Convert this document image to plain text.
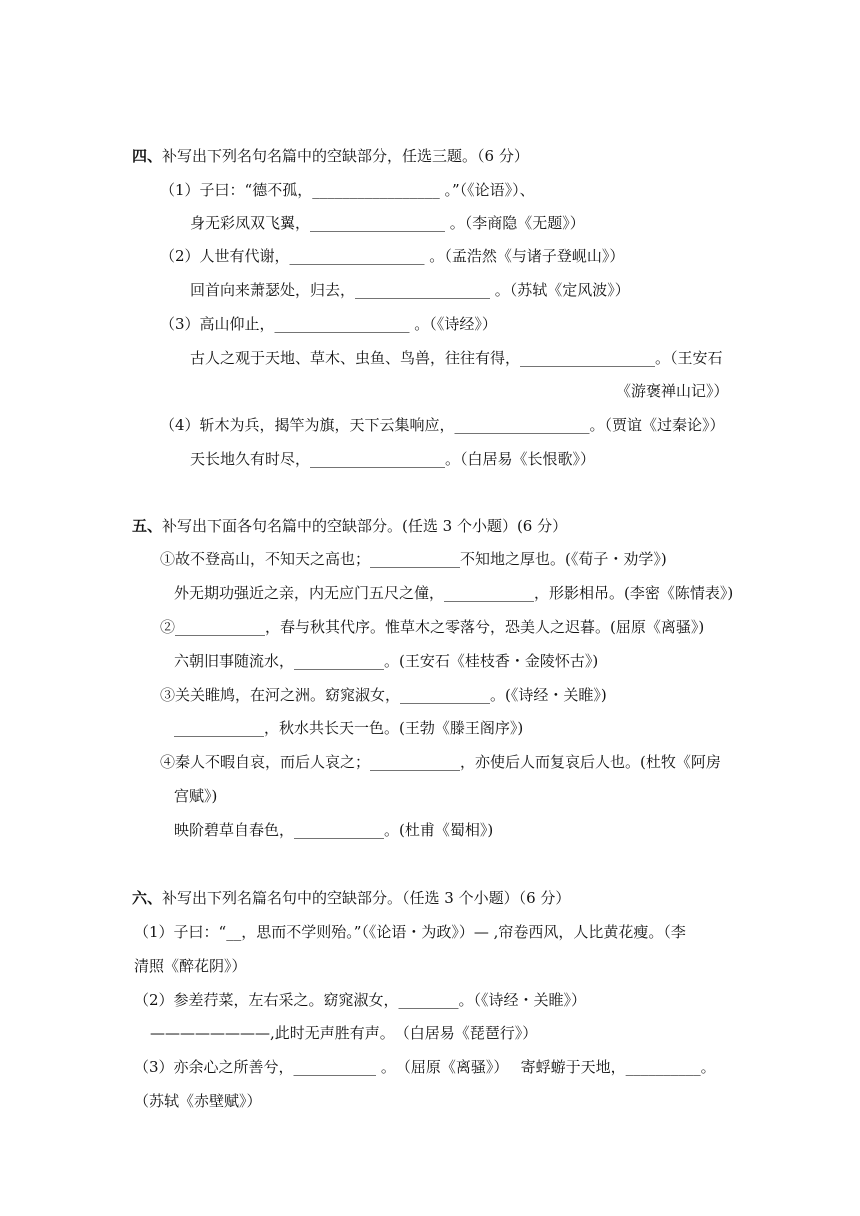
四、补写出下列名句名篇中的空缺部分，任选三题。（6 分）
（1）子曰：“德不孤，_________________ 。”（《论语》）、
身无彩凤双飞翼，__________________ 。（李商隐《无题》）
（2）人世有代谢，__________________ 。（孟浩然《与诸子登岘山》）
回首向来萧瑟处，归去，__________________ 。（苏轼《定风波》）
（3）高山仰止，__________________ 。（《诗经》）
古人之观于天地、草木、虫鱼、鸟兽，往往有得，__________________。（王安石
《游褒禅山记》）
（4）斩木为兵，揭竿为旗，天下云集响应，__________________。（贾谊《过秦论》）
天长地久有时尽，__________________。（白居易《长恨歌》）
五、补写出下面各句名篇中的空缺部分。(任选 3 个小题）(6 分）
①故不登高山，不知天之高也；____________不知地之厚也。(《荀子・劝学》)
外无期功强近之亲，内无应门五尺之僮，____________，形影相吊。(李密《陈情表》)
②____________，春与秋其代序。惟草木之零落兮，恐美人之迟暮。(屈原《离骚》)
六朝旧事随流水，____________。(王安石《桂枝香・金陵怀古》)
③关关睢鸠，在河之洲。窈窕淑女，____________。(《诗经・关睢》)
____________，秋水共长天一色。(王勃《滕王阁序》)
④秦人不暇自哀，而后人哀之；____________，亦使后人而复哀后人也。(杜牧《阿房
宫赋》)
映阶碧草自春色，____________。(杜甫《蜀相》)
六、补写出下列名篇名句中的空缺部分。（任选 3 个小题）（6 分）
（1）子曰：“__，思而不学则殆。”（《论语・为政》）— ,帘卷西风，人比黄花瘦。（李
清照《醉花阴》）
（2）参差荇菜，左右采之。窈窕淑女，________。（《诗经・关睢》）
————————,此时无声胜有声。　（白居易《琵琶行》）
（3）亦余心之所善兮，___________ 。　（屈原《离骚》）　 寄蜉蝣于天地，__________。
（苏轼《赤壁赋》）
